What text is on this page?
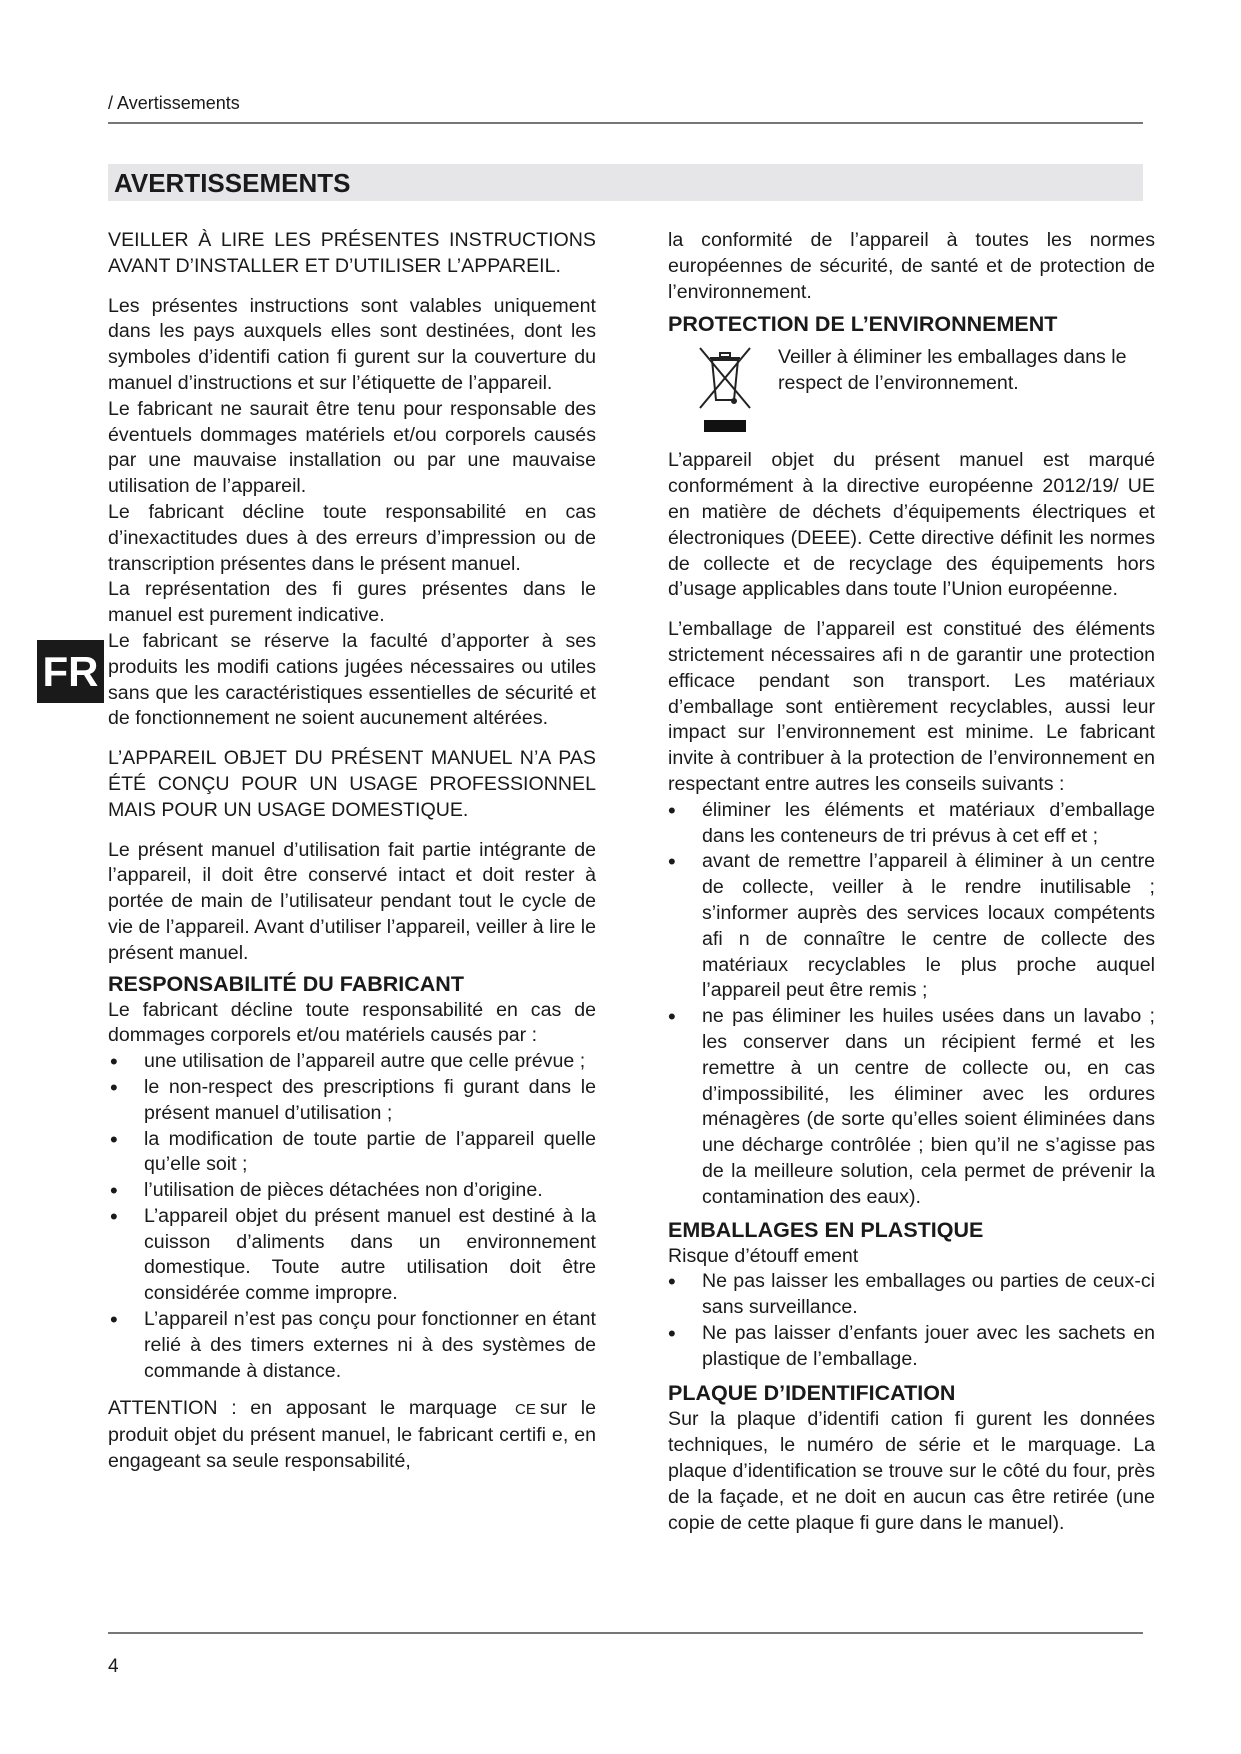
/ Avertissements
AVERTISSEMENTS
FR

VEILLER À LIRE LES PRÉSENTES INSTRUCTIONS AVANT D’INSTALLER ET D’UTILISER L’APPAREIL.

Les présentes instructions sont valables uniquement dans les pays auxquels elles sont destinées, dont les symboles d’identifi cation fi gurent sur la couverture du manuel d’instructions et sur l’étiquette de l’appareil.

Le fabricant ne saurait être tenu pour responsable des éventuels dommages matériels et/ou corporels causés par une mauvaise installation ou par une mauvaise utilisation de l’appareil.

Le fabricant décline toute responsabilité en cas d’inexactitudes dues à des erreurs d’impression ou de transcription présentes dans le présent manuel.

La représentation des fi gures présentes dans le manuel est purement indicative.

Le fabricant se réserve la faculté d’apporter à ses produits les modifi cations jugées nécessaires ou utiles sans que les caractéristiques essentielles de sécurité et de fonctionnement ne soient aucunement altérées.

L’APPAREIL OBJET DU PRÉSENT MANUEL N’A PAS ÉTÉ CONÇU POUR UN USAGE PROFESSIONNEL MAIS POUR UN USAGE DOMESTIQUE.

Le présent manuel d’utilisation fait partie intégrante de l’appareil, il doit être conservé intact et doit rester à portée de main de l’utilisateur pendant tout le cycle de vie de l’appareil. Avant d’utiliser l’appareil, veiller à lire le présent manuel.

RESPONSABILITÉ DU FABRICANT

Le fabricant décline toute responsabilité en cas de dommages corporels et/ou matériels causés par :

• une utilisation de l’appareil autre que celle prévue ;
• le non-respect des prescriptions fi gurant dans le présent manuel d’utilisation ;
• la modification de toute partie de l’appareil quelle qu’elle soit ;
• l’utilisation de pièces détachées non d’origine.
• L’appareil objet du présent manuel est destiné à la cuisson d’aliments dans un environnement domestique. Toute autre utilisation doit être considérée comme impropre.
• L’appareil n’est pas conçu pour fonctionner en étant relié à des timers externes ni à des systèmes de commande à distance.

ATTENTION : en apposant le marquage CE sur le produit objet du présent manuel, le fabricant certifi e, en engageant sa seule responsabilité,

la conformité de l’appareil à toutes les normes européennes de sécurité, de santé et de protection de l’environnement.

PROTECTION DE L’ENVIRONNEMENT
Veiller à éliminer les emballages dans le respect de l’environnement.

L’appareil objet du présent manuel est marqué conformément à la directive européenne 2012/19/ UE en matière de déchets d’équipements électriques et électroniques (DEEE). Cette directive définit les normes de collecte et de recyclage des équipements hors d’usage applicables dans toute l’Union européenne.

L’emballage de l’appareil est constitué des éléments strictement nécessaires afi n de garantir une protection efficace pendant son transport. Les matériaux d’emballage sont entièrement recyclables, aussi leur impact sur l’environnement est minime. Le fabricant invite à contribuer à la protection de l’environnement en respectant entre autres les conseils suivants :

• éliminer les éléments et matériaux d’emballage dans les conteneurs de tri prévus à cet eff et ;
• avant de remettre l’appareil à éliminer à un centre de collecte, veiller à le rendre inutilisable ; s’informer auprès des services locaux compétents afi n de connaître le centre de collecte des matériaux recyclables le plus proche auquel l’appareil peut être remis ;
• ne pas éliminer les huiles usées dans un lavabo ; les conserver dans un récipient fermé et les remettre à un centre de collecte ou, en cas d’impossibilité, les éliminer avec les ordures ménagères (de sorte qu’elles soient éliminées dans une décharge contrôlée ; bien qu’il ne s’agisse pas de la meilleure solution, cela permet de prévenir la contamination des eaux).
EMBALLAGES EN PLASTIQUE

Risque d’étouff ement

• Ne pas laisser les emballages ou parties de ceux-ci sans surveillance.
• Ne pas laisser d’enfants jouer avec les sachets en plastique de l’emballage.
PLAQUE D’IDENTIFICATION

Sur la plaque d’identifi cation fi gurent les données techniques, le numéro de série et le marquage. La plaque d’identification se trouve sur le côté du four, près de la façade, et ne doit en aucun cas être retirée (une copie de cette plaque fi gure dans le manuel).

4
